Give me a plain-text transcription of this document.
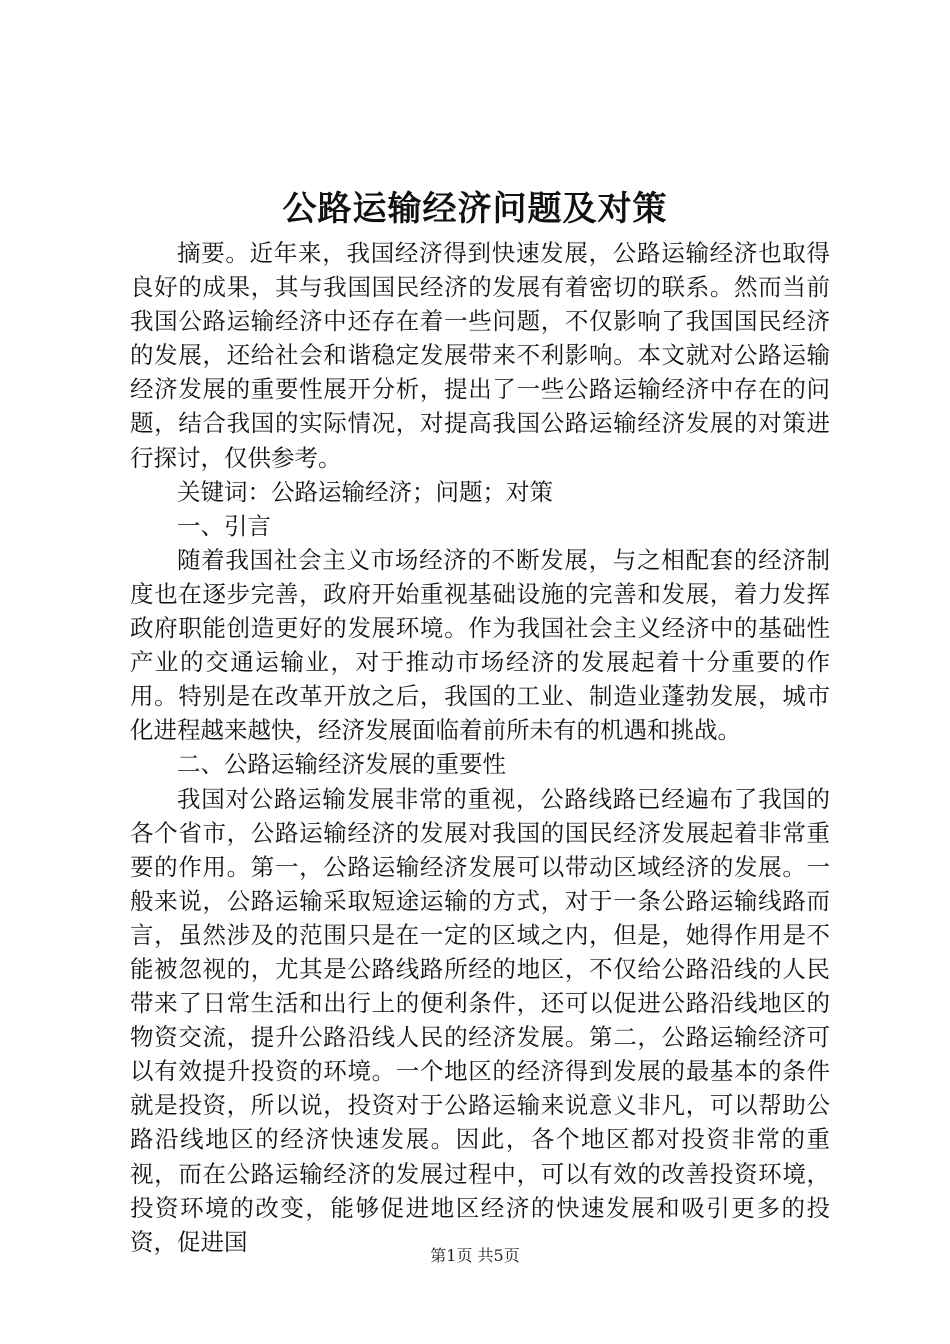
公路运输经济问题及对策

摘要。近年来，我国经济得到快速发展，公路运输经济也取得良好的成果，其与我国国民经济的发展有着密切的联系。然而当前我国公路运输经济中还存在着一些问题，不仅影响了我国国民经济的发展，还给社会和谐稳定发展带来不利影响。本文就对公路运输经济发展的重要性展开分析，提出了一些公路运输经济中存在的问题，结合我国的实际情况，对提高我国公路运输经济发展的对策进行探讨，仅供参考。

关键词：公路运输经济；问题；对策

一、引言

随着我国社会主义市场经济的不断发展，与之相配套的经济制度也在逐步完善，政府开始重视基础设施的完善和发展，着力发挥政府职能创造更好的发展环境。作为我国社会主义经济中的基础性产业的交通运输业，对于推动市场经济的发展起着十分重要的作用。特别是在改革开放之后，我国的工业、制造业蓬勃发展，城市化进程越来越快，经济发展面临着前所未有的机遇和挑战。

二、公路运输经济发展的重要性

我国对公路运输发展非常的重视，公路线路已经遍布了我国的各个省市，公路运输经济的发展对我国的国民经济发展起着非常重要的作用。第一，公路运输经济发展可以带动区域经济的发展。一般来说，公路运输采取短途运输的方式，对于一条公路运输线路而言，虽然涉及的范围只是在一定的区域之内，但是，她得作用是不能被忽视的，尤其是公路线路所经的地区，不仅给公路沿线的人民带来了日常生活和出行上的便利条件，还可以促进公路沿线地区的物资交流，提升公路沿线人民的经济发展。第二，公路运输经济可以有效提升投资的环境。一个地区的经济得到发展的最基本的条件就是投资，所以说，投资对于公路运输来说意义非凡，可以帮助公路沿线地区的经济快速发展。因此，各个地区都对投资非常的重视，而在公路运输经济的发展过程中，可以有效的改善投资环境，投资环境的改变，能够促进地区经济的快速发展和吸引更多的投资，促进国	第1页 共5页
